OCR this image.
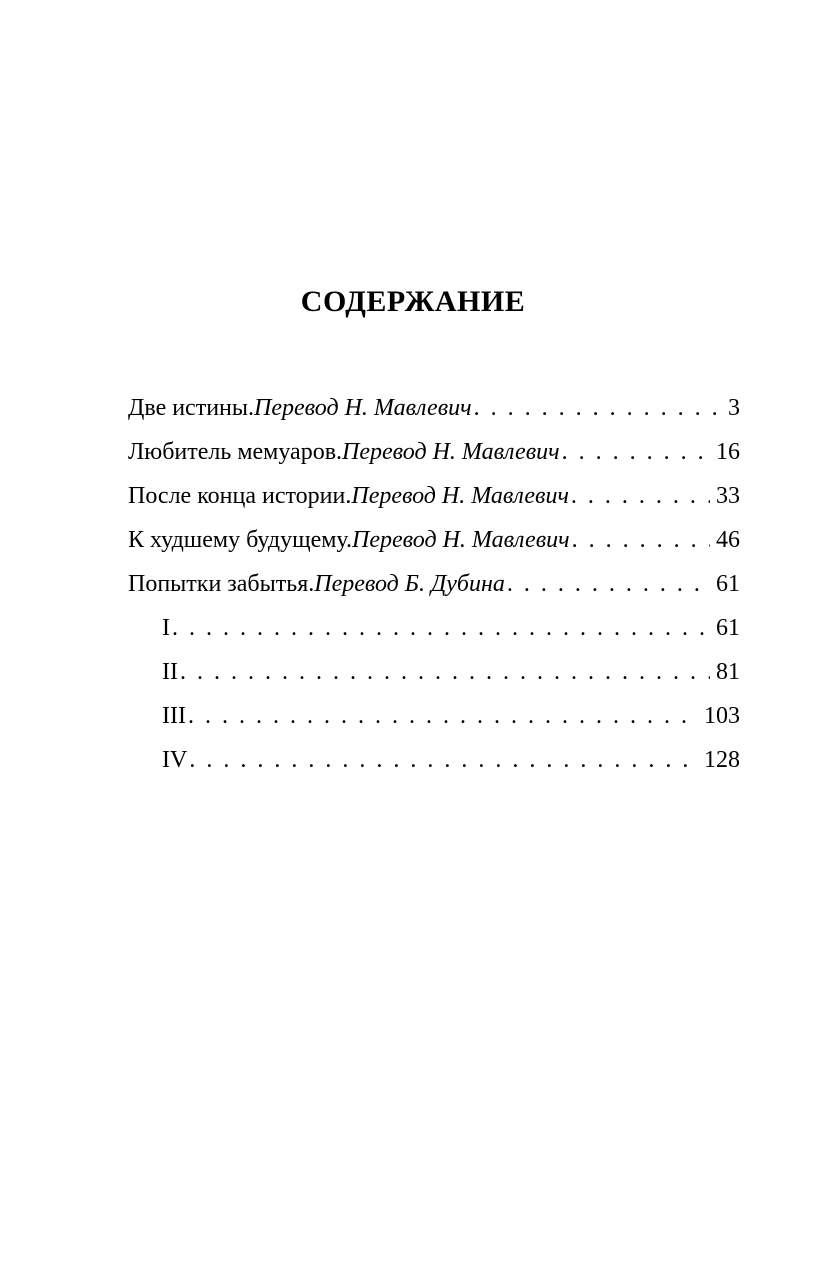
СОДЕРЖАНИЕ
Две истины. Перевод Н. Мавлевич . . .	3
Любитель мемуаров. Перевод Н. Мавлевич . . .	16
После конца истории. Перевод Н. Мавлевич . . .	33
К худшему будущему. Перевод Н. Мавлевич . . .	46
Попытки забытья. Перевод Б. Дубина . . .	61
I . . .	61
II . . .	81
III . . .	103
IV . . .	128
